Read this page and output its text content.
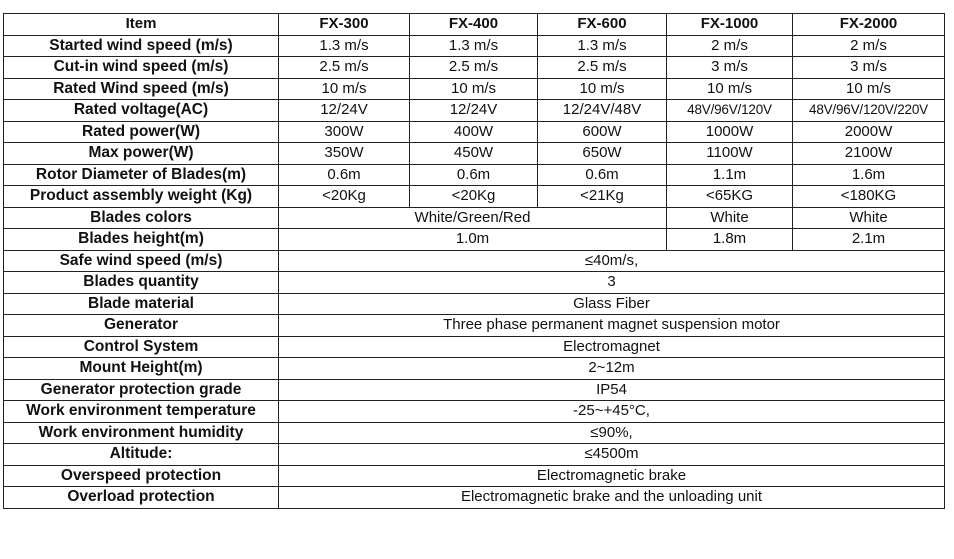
Item	FX-300	FX-400	FX-600	FX-1000	FX-2000
Started wind speed (m/s)	1.3 m/s	1.3 m/s	1.3 m/s	2 m/s	2 m/s
Cut-in wind speed (m/s)	2.5 m/s	2.5 m/s	2.5 m/s	3 m/s	3 m/s
Rated Wind speed (m/s)	10 m/s	10 m/s	10 m/s	10 m/s	10 m/s
Rated voltage(AC)	12/24V	12/24V	12/24V/48V	48V/96V/120V	48V/96V/120V/220V
Rated power(W)	300W	400W	600W	1000W	2000W
Max power(W)	350W	450W	650W	1100W	2100W
Rotor Diameter of Blades(m)	0.6m	0.6m	0.6m	1.1m	1.6m
Product assembly weight (Kg)	<20Kg	<20Kg	<21Kg	<65KG	<180KG
Blades colors	White/Green/Red			White	White
Blades height(m)	1.0m			1.8m	2.1m
Safe wind speed (m/s)	≤40m/s,				
Blades quantity	3				
Blade material	Glass Fiber				
Generator	Three phase permanent magnet suspension motor				
Control System	Electromagnet				
Mount Height(m)	2~12m				
Generator protection grade	IP54				
Work environment temperature	-25~+45°C,				
Work environment humidity	≤90%,				
Altitude:	≤4500m				
Overspeed protection	Electromagnetic brake				
Overload protection	Electromagnetic brake and the unloading unit				
